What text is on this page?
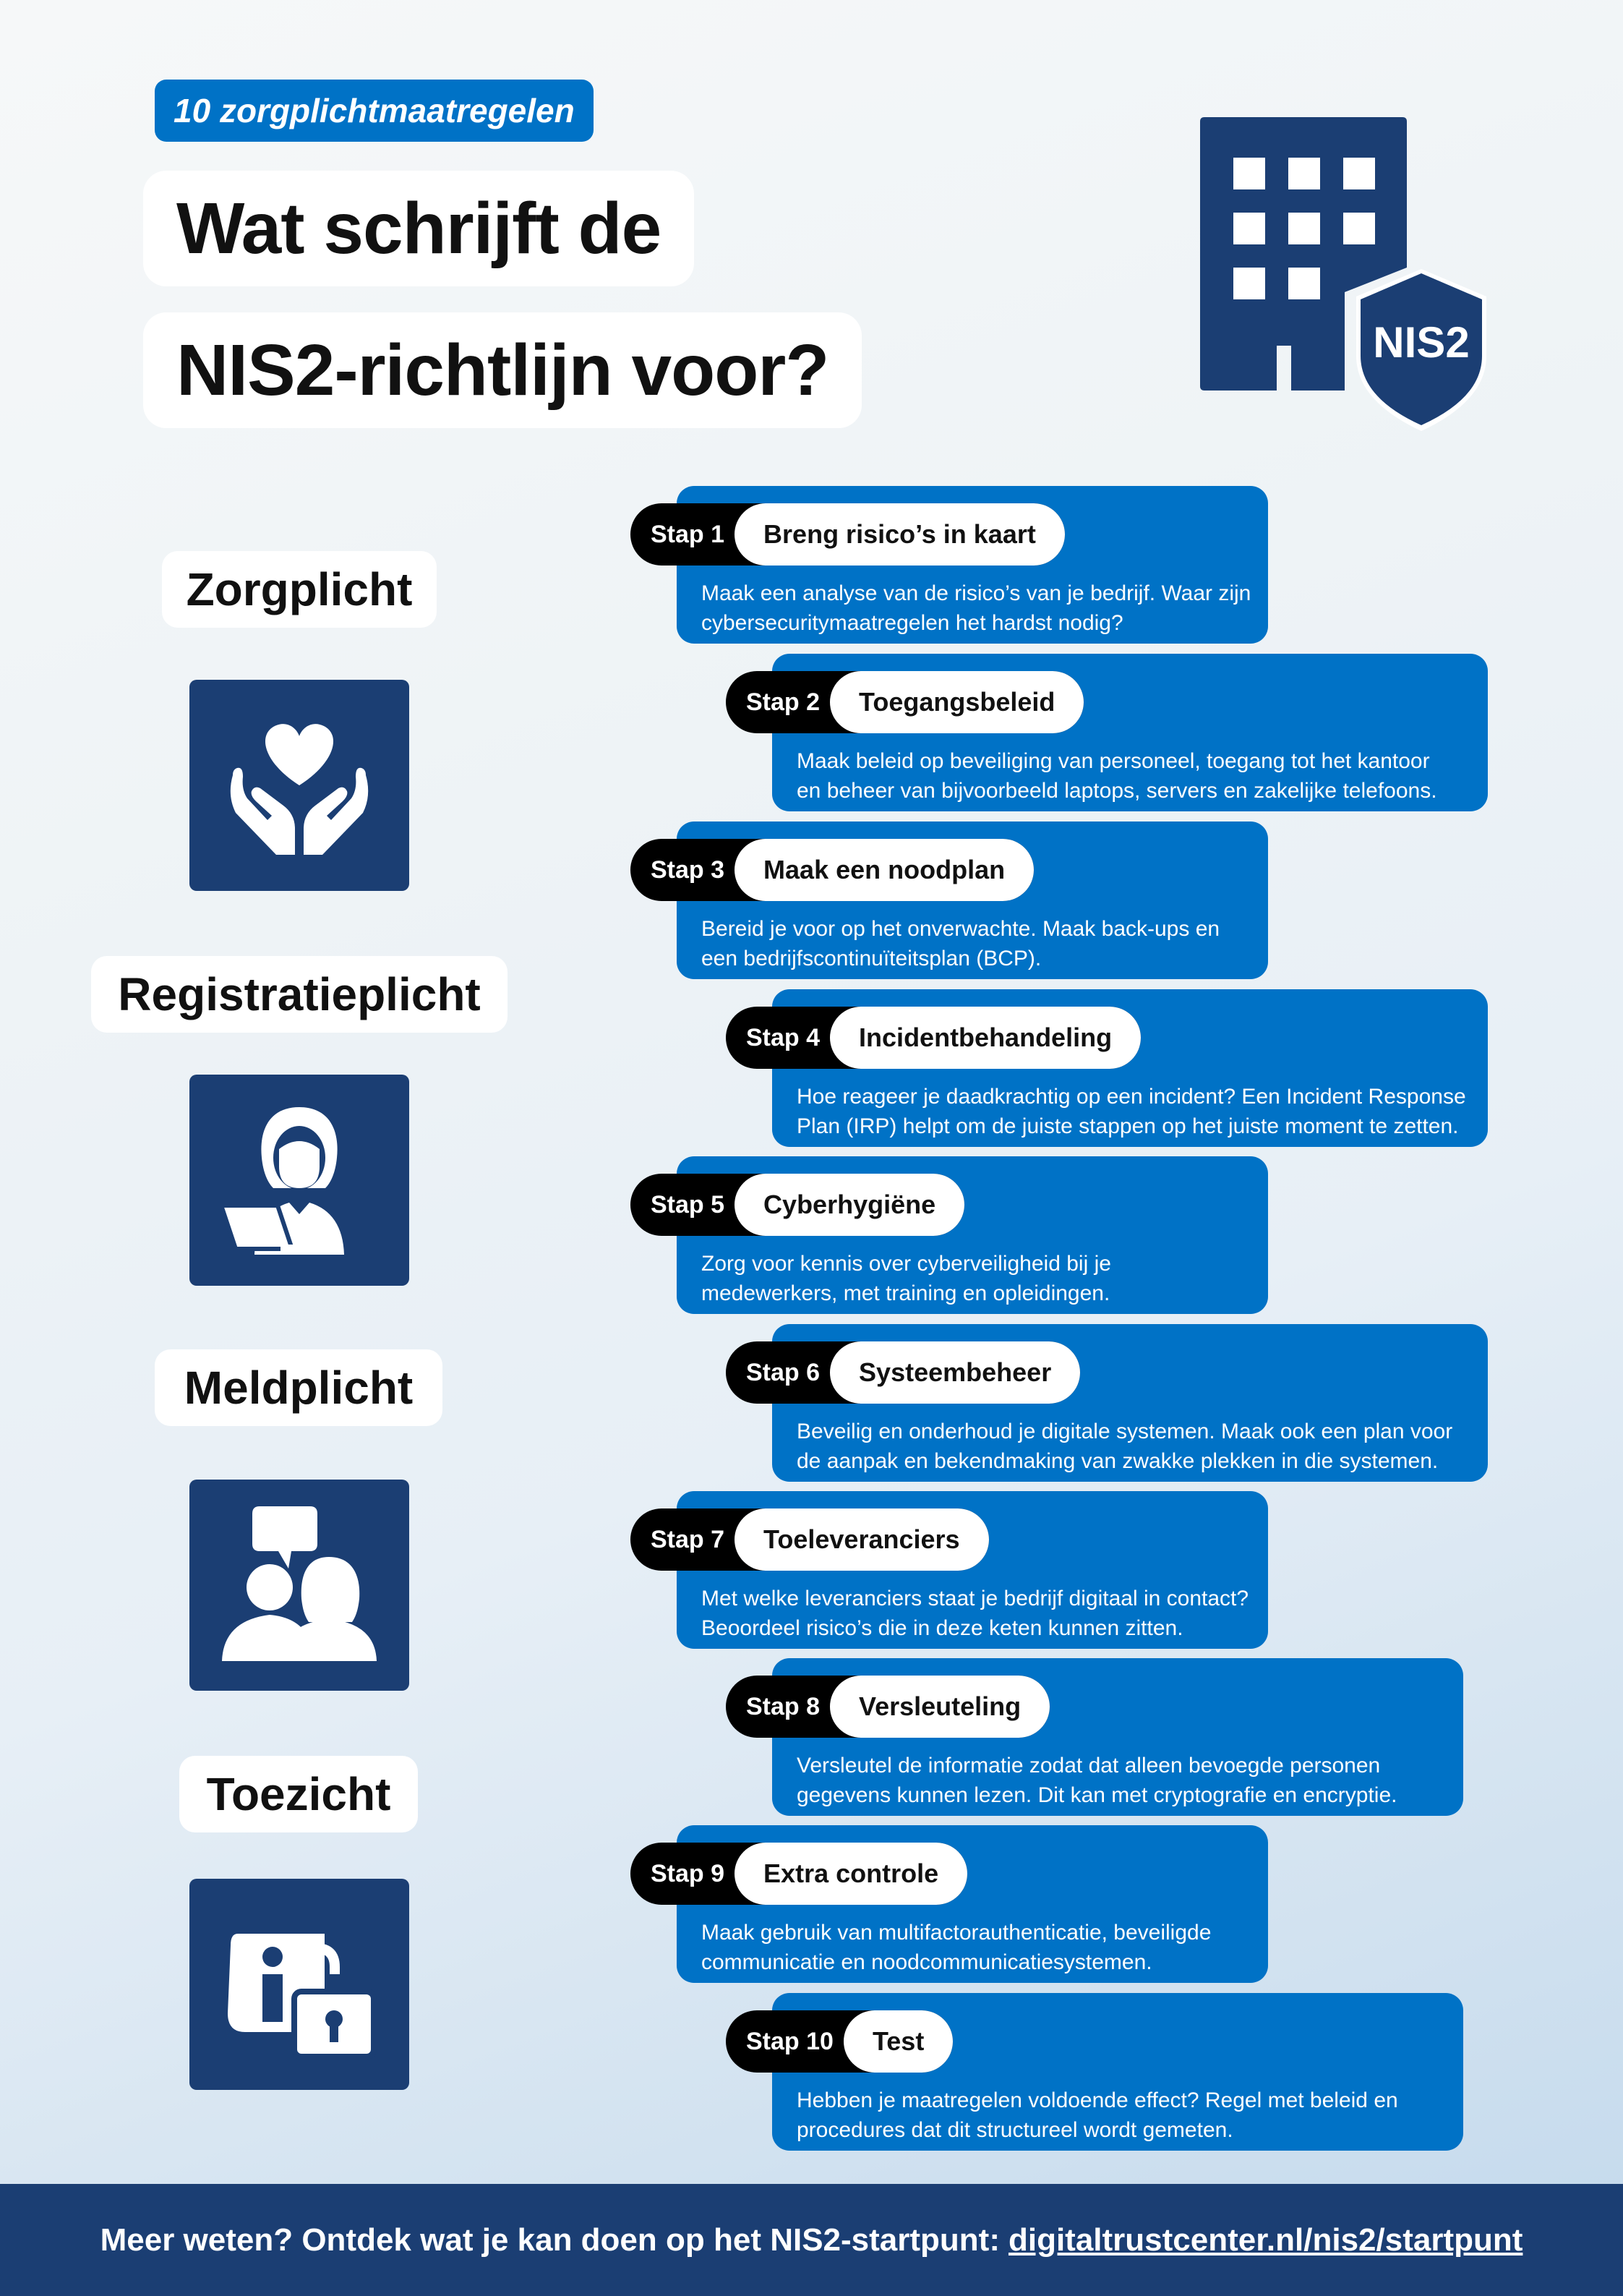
10 zorgplichtmaatregelen
Wat schrijft de
NIS2-richtlijn voor?	NIS2
Zorgplicht
Registratieplicht
Meldplicht
Toezicht
Stap 1	Breng risico’s in kaart
Maak een analyse van de risico’s van je bedrijf. Waar zijn
cybersecuritymaatregelen het hardst nodig?
Stap 2	Toegangsbeleid
Maak beleid op beveiliging van personeel, toegang tot het kantoor
en beheer van bijvoorbeeld laptops, servers en zakelijke telefoons.
Stap 3	Maak een noodplan
Bereid je voor op het onverwachte. Maak back-ups en
een bedrijfscontinuïteitsplan (BCP).
Stap 4	Incidentbehandeling
Hoe reageer je daadkrachtig op een incident? Een Incident Response
Plan (IRP) helpt om de juiste stappen op het juiste moment te zetten.
Stap 5	Cyberhygiëne
Zorg voor kennis over cyberveiligheid bij je
medewerkers, met training en opleidingen.
Stap 6	Systeembeheer
Beveilig en onderhoud je digitale systemen. Maak ook een plan voor
de aanpak en bekendmaking van zwakke plekken in die systemen.
Stap 7	Toeleveranciers
Met welke leveranciers staat je bedrijf digitaal in contact?
Beoordeel risico’s die in deze keten kunnen zitten.
Stap 8	Versleuteling
Versleutel de informatie zodat dat alleen bevoegde personen
gegevens kunnen lezen. Dit kan met cryptografie en encryptie.
Stap 9	Extra controle
Maak gebruik van multifactorauthenticatie, beveiligde
communicatie en noodcommunicatiesystemen.
Stap 10	Test
Hebben je maatregelen voldoende effect? Regel met beleid en
procedures dat dit structureel wordt gemeten.
Meer weten? Ontdek wat je kan doen op het NIS2-startpunt: digitaltrustcenter.nl/nis2/startpunt
